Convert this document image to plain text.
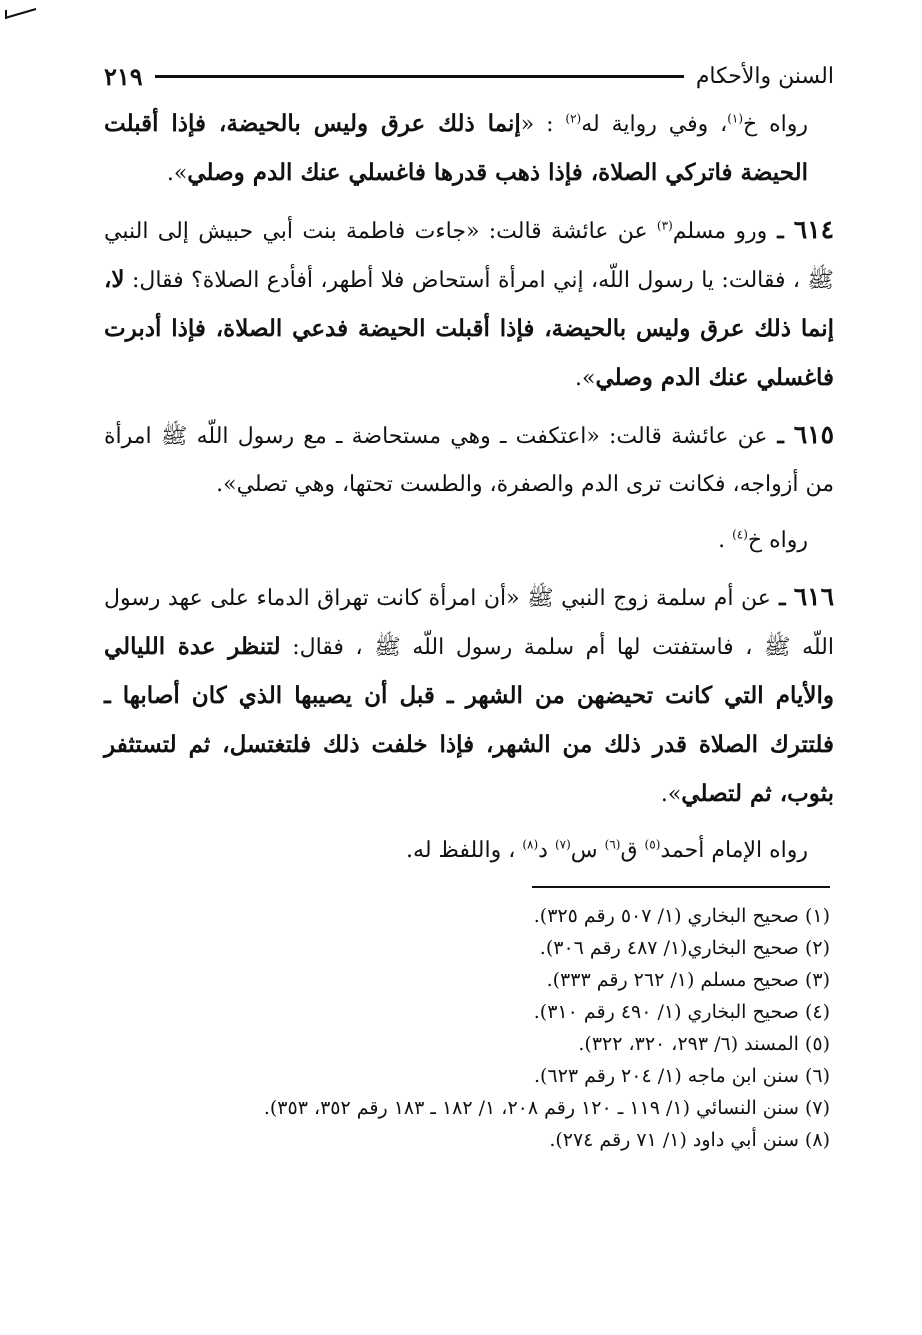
السنن والأحكام
٢١٩

رواه خ$^{(١)}$، وفي رواية له$^{(٢)}$ : «إنما ذلك عرق وليس بالحيضة، فإذا أقبلت الحيضة فاتركي الصلاة، فإذا ذهب قدرها فاغسلي عنك الدم وصلي».

٦١٤ ـ ورو مسلم$^{(٣)}$ عن عائشة قالت: «جاءت فاطمة بنت أبي حبيش إلى النبي ﷺ ، فقالت: يا رسول اللّه، إني امرأة أستحاض فلا أطهر، أفأدع الصلاة؟ فقال: لا، إنما ذلك عرق وليس بالحيضة، فإذا أقبلت الحيضة فدعي الصلاة، فإذا أدبرت فاغسلي عنك الدم وصلي».

٦١٥ ـ عن عائشة قالت: «اعتكفت ـ وهي مستحاضة ـ مع رسول اللّه ﷺ امرأة من أزواجه، فكانت ترى الدم والصفرة، والطست تحتها، وهي تصلي».

رواه خ$^{(٤)}$ .

٦١٦ ـ عن أم سلمة زوج النبي ﷺ «أن امرأة كانت تهراق الدماء على عهد رسول اللّه ﷺ ، فاستفتت لها أم سلمة رسول اللّه ﷺ ، فقال: لتنظر عدة الليالي والأيام التي كانت تحيضهن من الشهر ـ قبل أن يصيبها الذي كان أصابها ـ فلتترك الصلاة قدر ذلك من الشهر، فإذا خلفت ذلك فلتغتسل، ثم لتستثفر بثوب، ثم لتصلي».

رواه الإمام أحمد$^{(٥)}$ ق$^{(٦)}$ س$^{(٧)}$ د$^{(٨)}$ ، واللفظ له.

(١) صحيح البخاري (١/ ٥٠٧ رقم ٣٢٥).
(٢) صحيح البخاري(١/ ٤٨٧ رقم ٣٠٦).
(٣) صحيح مسلم (١/ ٢٦٢ رقم ٣٣٣).
(٤) صحيح البخاري (١/ ٤٩٠ رقم ٣١٠).
(٥) المسند (٦/ ٢٩٣، ٣٢٠، ٣٢٢).
(٦) سنن ابن ماجه (١/ ٢٠٤ رقم ٦٢٣).
(٧) سنن النسائي (١/ ١١٩ ـ ١٢٠ رقم ٢٠٨، ١/ ١٨٢ ـ ١٨٣ رقم ٣٥٢، ٣٥٣).
(٨) سنن أبي داود (١/ ٧١ رقم ٢٧٤).
